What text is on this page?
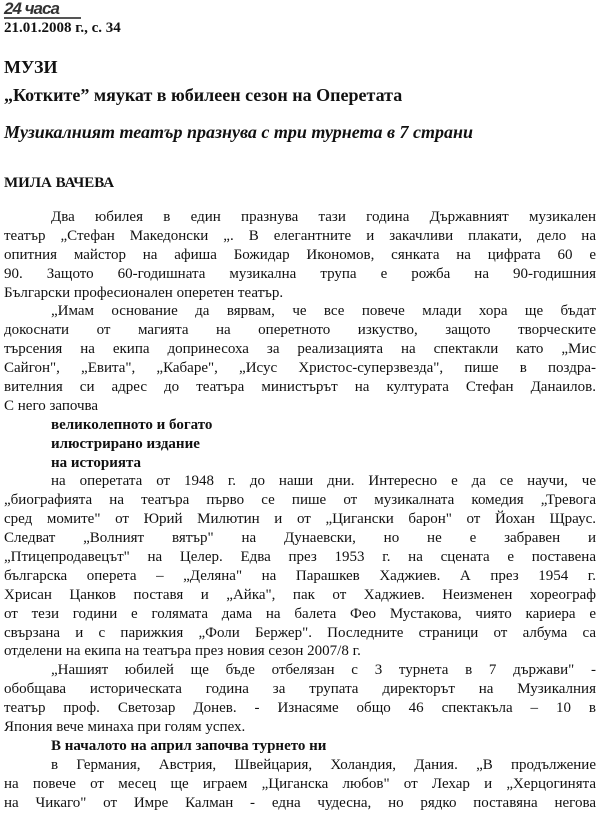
24 часа
21.01.2008 г., с. 34
МУЗИ
„Котките” мяукат в юбилеен сезон на Оперетата
Музикалният театър празнува с три турнета в 7 страни
МИЛА ВАЧЕВА
Два юбилея в един празнува тази година Държавният музикален
театър „Стефан Македонски „. В елегантните и закачливи плакати, дело на
опитния майстор на афиша Божидар Икономов, сянката на цифрата 60 е
90. Защото 60-годишната музикална трупа е рожба на 90-годишния
Български професионален оперетен театър.
„Имам основание да вярвам, че все повече млади хора ще бъдат
докоснати от магията на оперетното изкуство, защото творческите
търсения на екипа допринесоха за реализацията на спектакли като „Мис
Сайгон", „Евита", „Кабаре", „Исус Христос-суперзвезда", пише в поздра-
вителния си адрес до театъра министърът на културата Стефан Данаилов.
С него започва
великолепното и богато
илюстрирано издание
на историята
на оперетата от 1948 г. до наши дни. Интересно е да се научи, че
„биографията на театъра първо се пише от музикалната комедия „Тревога
сред момите" от Юрий Милютин и от „Цигански барон" от Йохан Щраус.
Следват „Волният вятър" на Дунаевски, но не е забравен и
„Птицепродавецът" на Целер. Едва през 1953 г. на сцената е поставена
българска оперета – „Деляна" на Парашкев Хаджиев. А през 1954 г.
Хрисан Цанков поставя и „Айка", пак от Хаджиев. Неизменен хореограф
от тези години е голямата дама на балета Фео Мустакова, чиято кариера е
свързана и с парижкия „Фоли Бержер". Последните страници от албума са
отделени на екипа на театъра през новия сезон 2007/8 г.
„Нашият юбилей ще бъде отбелязан с 3 турнета в 7 държави" -
обобщава историческата година за трупата директорът на Музикалния
театър проф. Светозар Донев. - Изнасяме общо 46 спектакъла – 10 в
Япония вече минаха при голям успех.
В началото на април започва турнето ни
в Германия, Австрия, Швейцария, Холандия, Дания. „В продължение
на повече от месец ще играем „Циганска любов" от Лехар и „Херцогинята
на Чикаго" от Имре Калман - една чудесна, но рядко поставяна негова
